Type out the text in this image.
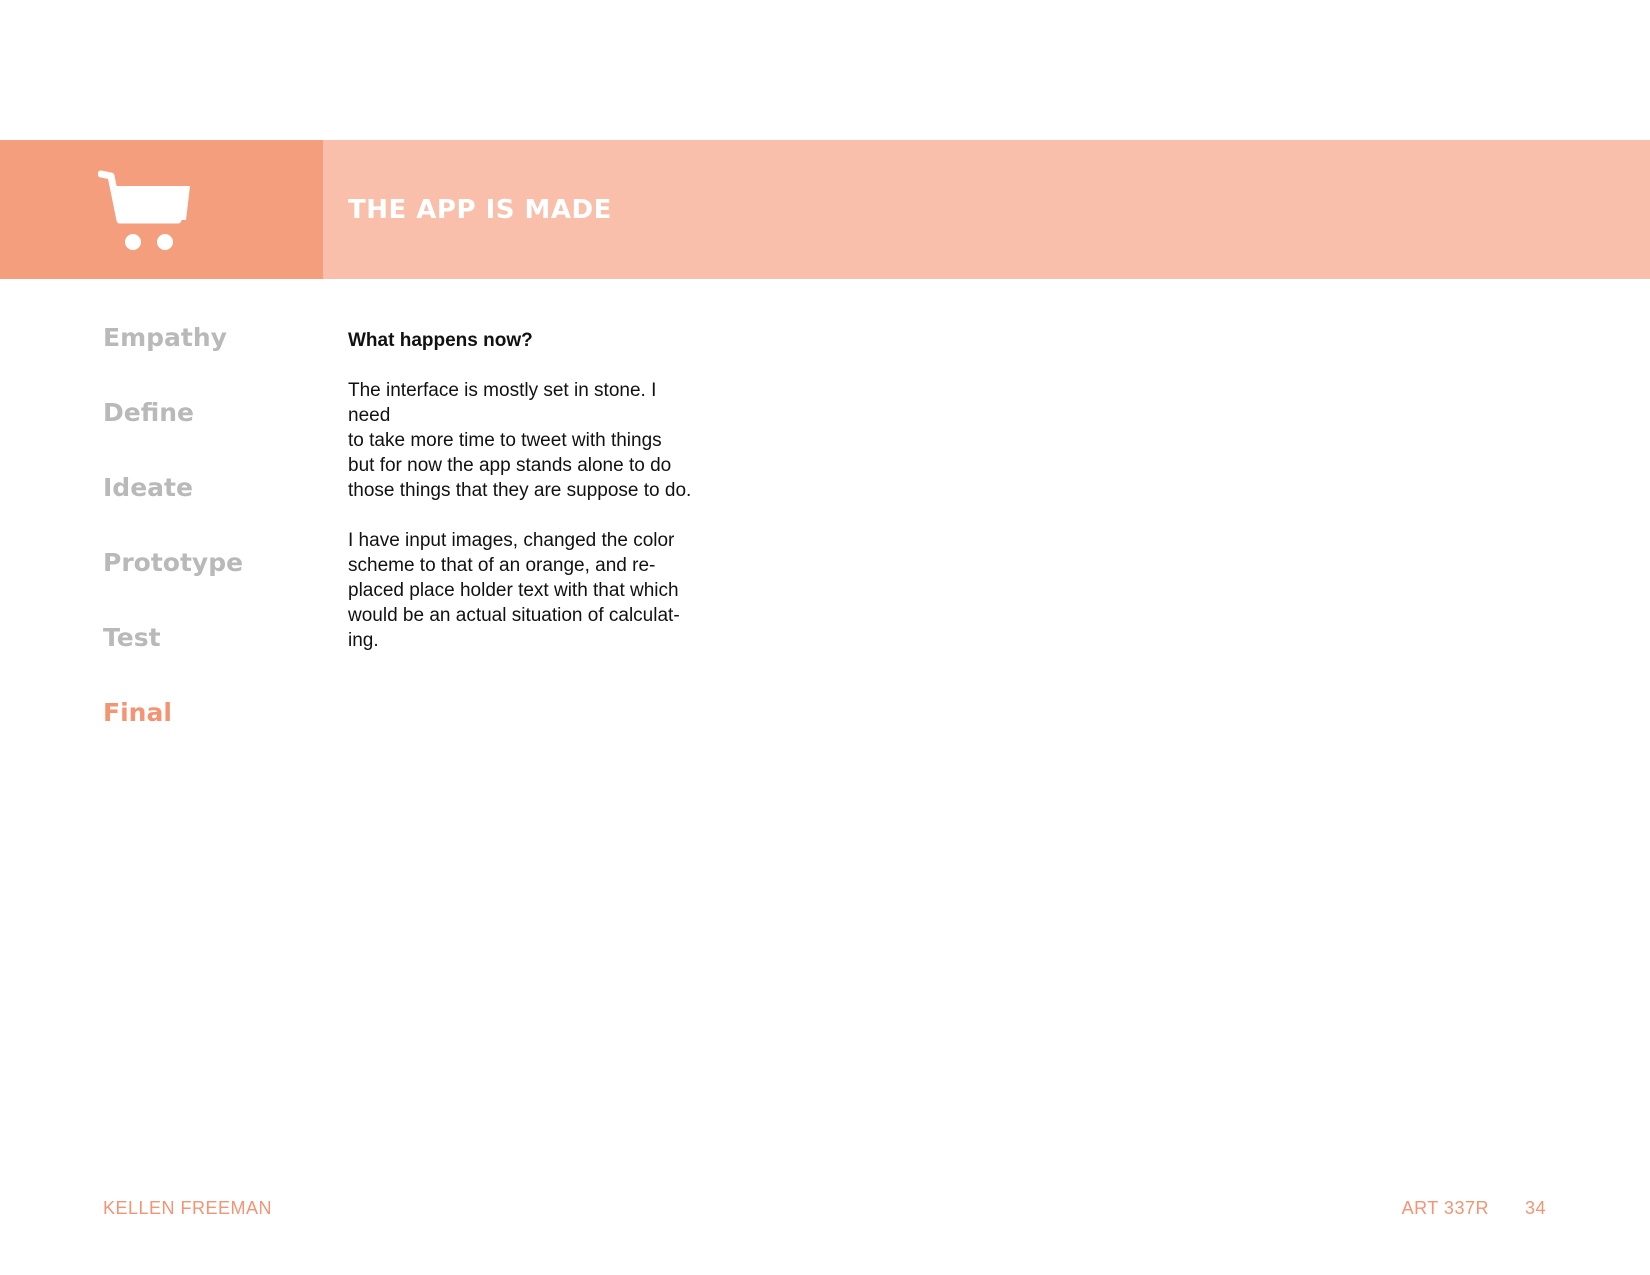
THE APP IS MADE
Empathy
Define
Ideate
Prototype
Test
Final
What happens now?

The interface is mostly set in stone. I need
to take more time to tweet with things
but for now the app stands alone to do
those things that they are suppose to do.

I have input images, changed the color
scheme to that of an orange, and re-
placed place holder text with that which
would be an actual situation of calculat-
ing.

KELLEN FREEMAN	ART 337R 34
